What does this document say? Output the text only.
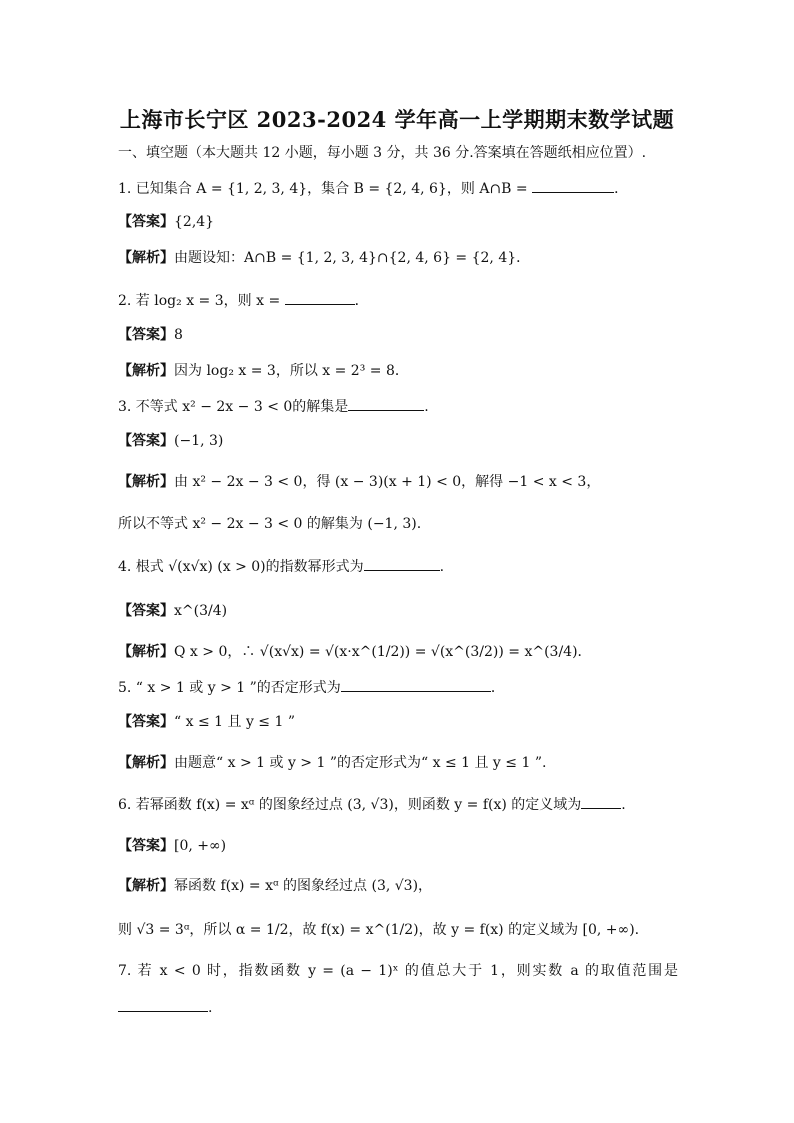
上海市长宁区 2023-2024 学年高一上学期期末数学试题
一、填空题（本大题共 12 小题，每小题 3 分，共 36 分.答案填在答题纸相应位置）.
1. 已知集合 A = {1, 2, 3, 4}，集合 B = {2, 4, 6}，则 A∩B =	．
【答案】{2,4}
【解析】由题设知：A∩B = {1, 2, 3, 4}∩{2, 4, 6} = {2, 4}．
2. 若 log₂ x = 3，则 x =	．
【答案】8
【解析】因为 log₂ x = 3，所以 x = 2³ = 8．
3. 不等式 x² − 2x − 3 < 0的解集是	.
【答案】(−1, 3)
【解析】由 x² − 2x − 3 < 0，得 (x − 3)(x + 1) < 0，解得 −1 < x < 3，
所以不等式 x² − 2x − 3 < 0 的解集为 (−1, 3).
4. 根式 √(x√x) (x > 0)的指数幂形式为	.
【答案】x^(3/4)
【解析】Q x > 0，∴ √(x√x) = √(x·x^(1/2)) = √(x^(3/2)) = x^(3/4)．
5. “ x > 1 或 y > 1 ”的否定形式为	．
【答案】“ x ≤ 1 且 y ≤ 1 ”
【解析】由题意“ x > 1 或 y > 1 ”的否定形式为“ x ≤ 1 且 y ≤ 1 ”.
6. 若幂函数 f(x) = xᵅ 的图象经过点 (3, √3)，则函数 y = f(x) 的定义域为	.
【答案】[0, +∞)
【解析】幂函数 f(x) = xᵅ 的图象经过点 (3, √3)，
则 √3 = 3ᵅ，所以 α = 1/2，故 f(x) = x^(1/2)，故 y = f(x) 的定义域为 [0, +∞).
7. 若 x < 0 时，指数函数 y = (a − 1)ˣ 的值总大于 1，则实数 a 的取值范围是
.
